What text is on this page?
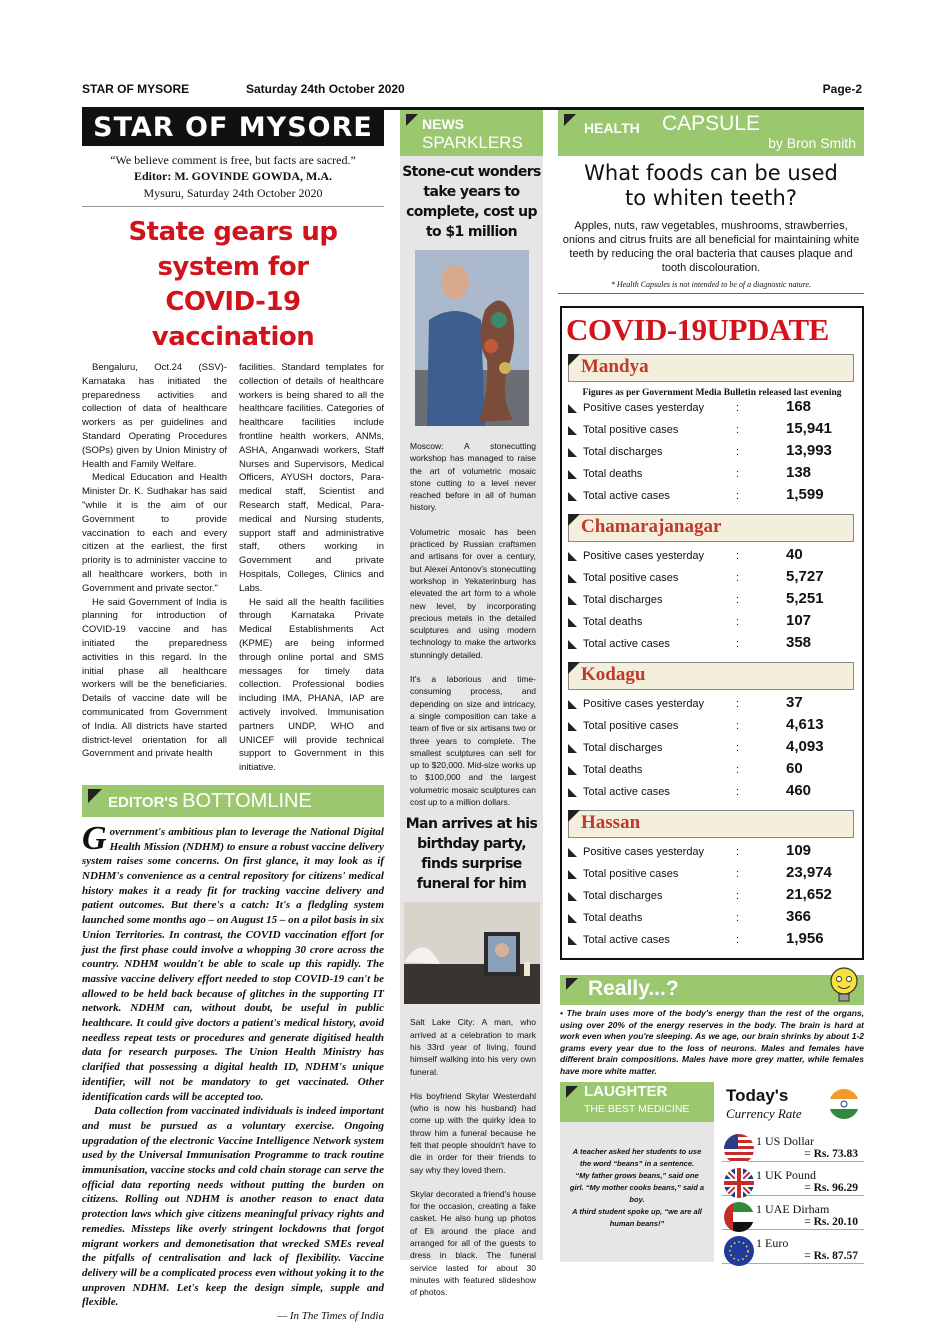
STAR OF MYSORE	Saturday 24th October 2020	Page-2
STAR OF MYSORE
“We believe comment is free, but facts are sacred.”
Editor: M. GOVINDE GOWDA, M.A.
Mysuru, Saturday 24th October 2020
State gears up system for
COVID-19 vaccination

Bengaluru, Oct.24 (SSV)- Karnataka has initiated the preparedness activities and collection of data of healthcare workers as per guidelines and Standard Operating Procedures (SOPs) given by Union Ministry of Health and Family Welfare.

Medical Education and Health Minister Dr. K. Sudhakar has said "while it is the aim of our Government to provide vaccination to each and every citizen at the earliest, the first priority is to administer vaccine to all healthcare workers, both in Government and private sector."

He said Government of India is planning for introduction of COVID-19 vaccine and has initiated the preparedness activities in this regard. In the initial phase all healthcare workers will be the beneficiaries. Details of vaccine date will be communicated from Government of India. All districts have started district-level orientation for all Government and private health

facilities. Standard templates for collection of details of healthcare workers is being shared to all the healthcare facilities. Categories of healthcare facilities include frontline health workers, ANMs, ASHA, Anganwadi workers, Staff Nurses and Supervisors, Medical Officers, AYUSH doctors, Para-medical staff, Scientist and Research staff, Medical, Para-medical and Nursing students, support staff and administrative staff, others working in Government and private Hospitals, Colleges, Clinics and Labs.

He said all the health facilities through Karnataka Private Medical Establishments Act (KPME) are being informed through online portal and SMS messages for timely data collection. Professional bodies including IMA, PHANA, IAP are actively involved. Immunisation partners UNDP, WHO and UNICEF will provide technical support to Government in this initiative.

EDITOR'S BOTTOMLINE

Government's ambitious plan to leverage the National Digital Health Mission (NDHM) to ensure a robust vaccine delivery system raises some concerns. On first glance, it may look as if NDHM's convenience as a central repository for citizens' medical history makes it a ready fit for tracking vaccine delivery and patient outcomes. But there's a catch: It's a fledgling system launched some months ago – on August 15 – on a pilot basis in six Union Territories. In contrast, the COVID vaccination effort for just the first phase could involve a whopping 30 crore across the country. NDHM wouldn't be able to scale up this rapidly. The massive vaccine delivery effort needed to stop COVID-19 can't be allowed to be held back because of glitches in the supporting IT network. NDHM can, without doubt, be useful in public healthcare. It could give doctors a patient's medical history, avoid needless repeat tests or procedures and generate digitised health data for research purposes. The Union Health Ministry has clarified that possessing a digital health ID, NDHM's unique identifier, will not be mandatory to get vaccinated. Other identification cards will be accepted too.

Data collection from vaccinated individuals is indeed important and must be pursued as a voluntary exercise. Ongoing upgradation of the electronic Vaccine Intelligence Network system used by the Universal Immunisation Programme to track routine immunisation, vaccine stocks and cold chain storage can serve the official data reporting needs without putting the burden on citizens. Rolling out NDHM is another reason to enact data protection laws which give citizens meaningful privacy rights and remedies. Missteps like overly stringent lockdowns that forgot migrant workers and demonetisation that wrecked SMEs reveal the pitfalls of centralisation and lack of flexibility. Vaccine delivery will be a complicated process even without yoking it to the unproven NDHM. Let's keep the design simple, supple and flexible.

— In The Times of India
NEWS
SPARKLERS
Stone-cut wonders take years to complete, cost up to $1 million

Moscow: A stonecutting workshop has managed to raise the art of volumetric mosaic stone cutting to a level never reached before in all of human history.

Volumetric mosaic has been practiced by Russian craftsmen and artisans for over a century, but Alexei Antonov's stonecutting workshop in Yekaterinburg has elevated the art form to a whole new level, by incorporating precious metals in the detailed sculptures and using modern technology to make the artworks stunningly detailed.

It's a laborious and time-consuming process, and depending on size and intricacy, a single composition can take a team of five or six artisans two or three years to complete. The smallest sculptures can sell for up to $20,000. Mid-size works up to $100,000 and the largest volumetric mosaic sculptures can cost up to a million dollars.

Man arrives at his birthday party, finds surprise funeral for him

Salt Lake City: A man, who arrived at a celebration to mark his 33rd year of living, found himself walking into his very own funeral.

His boyfriend Skylar Westerdahl (who is now his husband) had come up with the quirky idea to throw him a funeral because he felt that people shouldn't have to die in order for their friends to say why they loved them.

Skylar decorated a friend's house for the occasion, creating a fake casket. He also hung up photos of Eli around the place and arranged for all of the guests to dress in black. The funeral service lasted for about 30 minutes with featured slideshow of photos.

HEALTH CAPSULE
by Bron Smith
What foods can be used to whiten teeth?
Apples, nuts, raw vegetables, mushrooms, strawberries, onions and citrus fruits are all beneficial for maintaining white teeth by reducing the oral bacteria that causes plaque and tooth discolouration.
* Health Capsules is not intended to be of a diagnostic nature.
COVID-19UPDATE
Mandya
Figures as per Government Media Bulletin released last evening
Positive cases yesterday	:	168
Total positive cases	:	15,941
Total discharges	:	13,993
Total deaths	:	138
Total active cases	:	1,599
Chamarajanagar
Positive cases yesterday	:	40
Total positive cases	:	5,727
Total discharges	:	5,251
Total deaths	:	107
Total active cases	:	358
Kodagu
Positive cases yesterday	:	37
Total positive cases	:	4,613
Total discharges	:	4,093
Total deaths	:	60
Total active cases	:	460
Hassan
Positive cases yesterday	:	109
Total positive cases	:	23,974
Total discharges	:	21,652
Total deaths	:	366
Total active cases	:	1,956
Really...?
• The brain uses more of the body's energy than the rest of the organs, using over 20% of the energy reserves in the body. The brain is hard at work even when you're sleeping. As we age, our brain shrinks by about 1-2 grams every year due to the loss of neurons. Males and females have different brain compositions. Males have more grey matter, while females have more white matter.
LAUGHTER
THE BEST MEDICINE
A teacher asked her students to use the word “beans” in a sentence.
“My father grows beans,” said one girl. “My mother cooks beans,” said a boy.
A third student spoke up, “we are all human beans!”
Today's
Currency Rate
1 US Dollar
= Rs. 73.83
1 UK Pound
= Rs. 96.29
1 UAE Dirham
= Rs. 20.10
1 Euro
= Rs. 87.57
